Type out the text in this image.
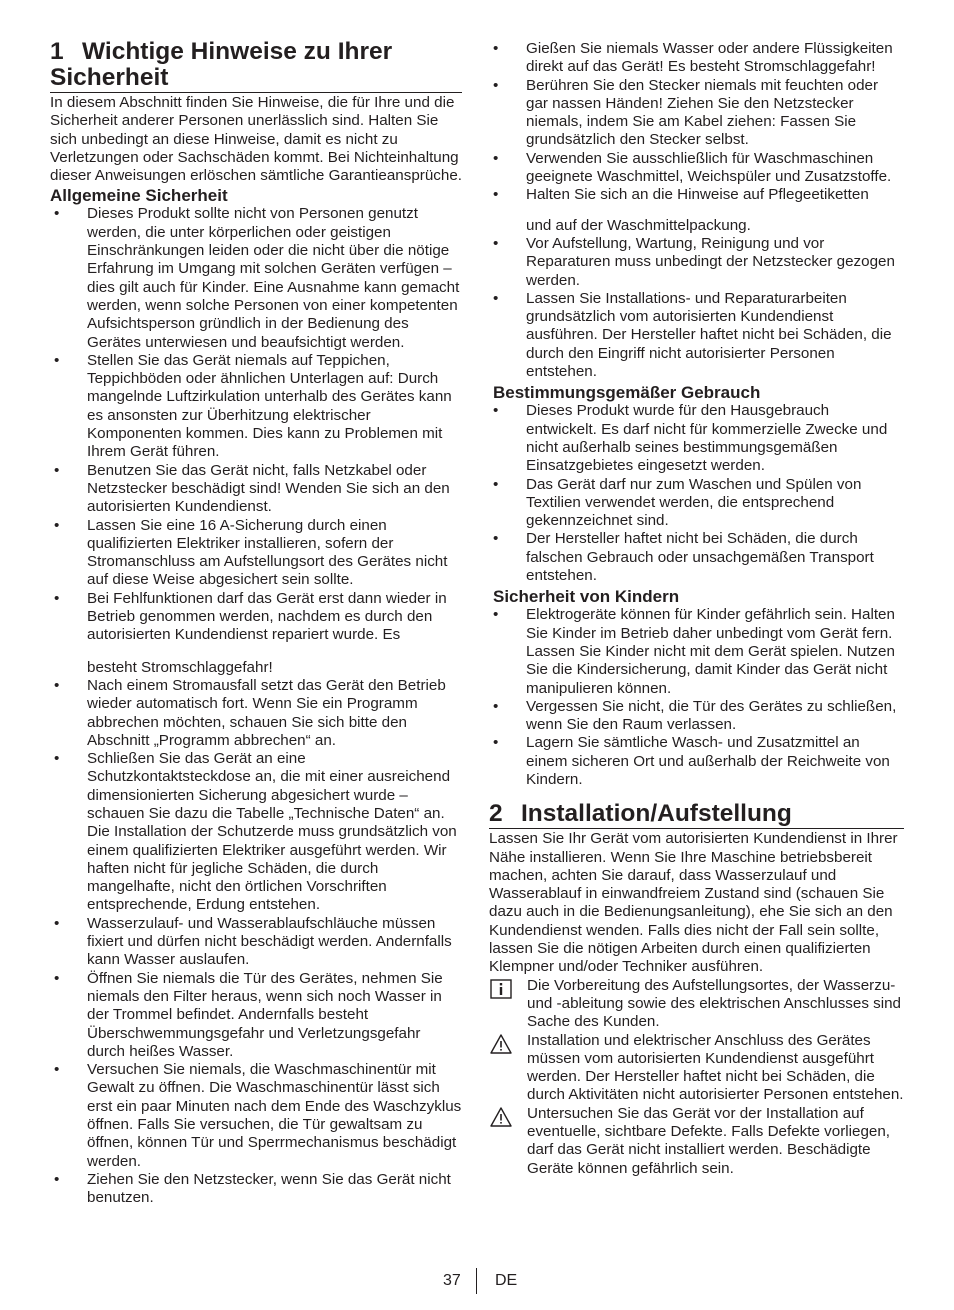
1 Wichtige Hinweise zu Ihrer Sicherheit

In diesem Abschnitt finden Sie Hinweise, die für Ihre und die Sicherheit anderer Personen unerlässlich sind. Halten Sie sich unbedingt an diese Hinweise, damit es nicht zu Verletzungen oder Sachschäden kommt. Bei Nichteinhaltung dieser Anweisungen erlöschen sämtliche Garantieansprüche.

Allgemeine Sicherheit
• Dieses Produkt sollte nicht von Personen genutzt werden, die unter körperlichen oder geistigen Einschränkungen leiden oder die nicht über die nötige Erfahrung im Umgang mit solchen Geräten verfügen – dies gilt auch für Kinder. Eine Ausnahme kann gemacht werden, wenn solche Personen von einer kompetenten Aufsichtsperson gründlich in der Bedienung des Gerätes unterwiesen und beaufsichtigt werden.
• Stellen Sie das Gerät niemals auf Teppichen, Teppichböden oder ähnlichen Unterlagen auf: Durch mangelnde Luftzirkulation unterhalb des Gerätes kann es ansonsten zur Überhitzung elektrischer Komponenten kommen. Dies kann zu Problemen mit Ihrem Gerät führen.
• Benutzen Sie das Gerät nicht, falls Netzkabel oder Netzstecker beschädigt sind! Wenden Sie sich an den autorisierten Kundendienst.
• Lassen Sie eine 16 A-Sicherung durch einen qualifizierten Elektriker installieren, sofern der Stromanschluss am Aufstellungsort des Gerätes nicht auf diese Weise abgesichert sein sollte.
• Bei Fehlfunktionen darf das Gerät erst dann wieder in Betrieb genommen werden, nachdem es durch den autorisierten Kundendienst repariert wurde. Es
besteht Stromschlaggefahr!
• Nach einem Stromausfall setzt das Gerät den Betrieb wieder automatisch fort. Wenn Sie ein Programm abbrechen möchten, schauen Sie sich bitte den Abschnitt „Programm abbrechen“ an.
• Schließen Sie das Gerät an eine Schutzkontaktsteckdose an, die mit einer ausreichend dimensionierten Sicherung abgesichert wurde – schauen Sie dazu die Tabelle „Technische Daten“ an. Die Installation der Schutzerde muss grundsätzlich von einem qualifizierten Elektriker ausgeführt werden. Wir haften nicht für jegliche Schäden, die durch mangelhafte, nicht den örtlichen Vorschriften entsprechende, Erdung entstehen.
• Wasserzulauf- und Wasserablaufschläuche müssen fixiert und dürfen nicht beschädigt werden. Andernfalls kann Wasser auslaufen.
• Öffnen Sie niemals die Tür des Gerätes, nehmen Sie niemals den Filter heraus, wenn sich noch Wasser in der Trommel befindet. Andernfalls besteht Überschwemmungsgefahr und Verletzungsgefahr durch heißes Wasser.
• Versuchen Sie niemals, die Waschmaschinentür mit Gewalt zu öffnen. Die Waschmaschinentür lässt sich erst ein paar Minuten nach dem Ende des Waschzyklus öffnen. Falls Sie versuchen, die Tür gewaltsam zu öffnen, können Tür und Sperrmechanismus beschädigt werden.
• Ziehen Sie den Netzstecker, wenn Sie das Gerät nicht benutzen.
• Gießen Sie niemals Wasser oder andere Flüssigkeiten direkt auf das Gerät! Es besteht Stromschlaggefahr!
• Berühren Sie den Stecker niemals mit feuchten oder gar nassen Händen! Ziehen Sie den Netzstecker niemals, indem Sie am Kabel ziehen: Fassen Sie grundsätzlich den Stecker selbst.
• Verwenden Sie ausschließlich für Waschmaschinen geeignete Waschmittel, Weichspüler und Zusatzstoffe.
• Halten Sie sich an die Hinweise auf Pflegeetiketten
und auf der Waschmittelpackung.
• Vor Aufstellung, Wartung, Reinigung und vor Reparaturen muss unbedingt der Netzstecker gezogen werden.
• Lassen Sie Installations- und Reparaturarbeiten grundsätzlich vom autorisierten Kundendienst ausführen. Der Hersteller haftet nicht bei Schäden, die durch den Eingriff nicht autorisierter Personen entstehen.
Bestimmungsgemäßer Gebrauch
• Dieses Produkt wurde für den Hausgebrauch entwickelt. Es darf nicht für kommerzielle Zwecke und nicht außerhalb seines bestimmungsgemäßen Einsatzgebietes eingesetzt werden.
• Das Gerät darf nur zum Waschen und Spülen von Textilien verwendet werden, die entsprechend gekennzeichnet sind.
• Der Hersteller haftet nicht bei Schäden, die durch falschen Gebrauch oder unsachgemäßen Transport entstehen.
Sicherheit von Kindern
• Elektrogeräte können für Kinder gefährlich sein. Halten Sie Kinder im Betrieb daher unbedingt vom Gerät fern. Lassen Sie Kinder nicht mit dem Gerät spielen. Nutzen Sie die Kindersicherung, damit Kinder das Gerät nicht manipulieren können.
• Vergessen Sie nicht, die Tür des Gerätes zu schließen, wenn Sie den Raum verlassen.
• Lagern Sie sämtliche Wasch- und Zusatzmittel an einem sicheren Ort und außerhalb der Reichweite von Kindern.
2 Installation/Aufstellung

Lassen Sie Ihr Gerät vom autorisierten Kundendienst in Ihrer Nähe installieren. Wenn Sie Ihre Maschine betriebsbereit machen, achten Sie darauf, dass Wasserzulauf und Wasserablauf in einwandfreiem Zustand sind (schauen Sie dazu auch in die Bedienungsanleitung), ehe Sie sich an den Kundendienst wenden. Falls dies nicht der Fall sein sollte, lassen Sie die nötigen Arbeiten durch einen qualifizierten Klempner und/oder Techniker ausführen.

Die Vorbereitung des Aufstellungsortes, der Wasserzu- und -ableitung sowie des elektrischen Anschlusses sind Sache des Kunden.
Installation und elektrischer Anschluss des Gerätes müssen vom autorisierten Kundendienst ausgeführt werden. Der Hersteller haftet nicht bei Schäden, die durch Aktivitäten nicht autorisierter Personen entstehen.
Untersuchen Sie das Gerät vor der Installation auf eventuelle, sichtbare Defekte. Falls Defekte vorliegen, darf das Gerät nicht installiert werden. Beschädigte Geräte können gefährlich sein.
37 DE
